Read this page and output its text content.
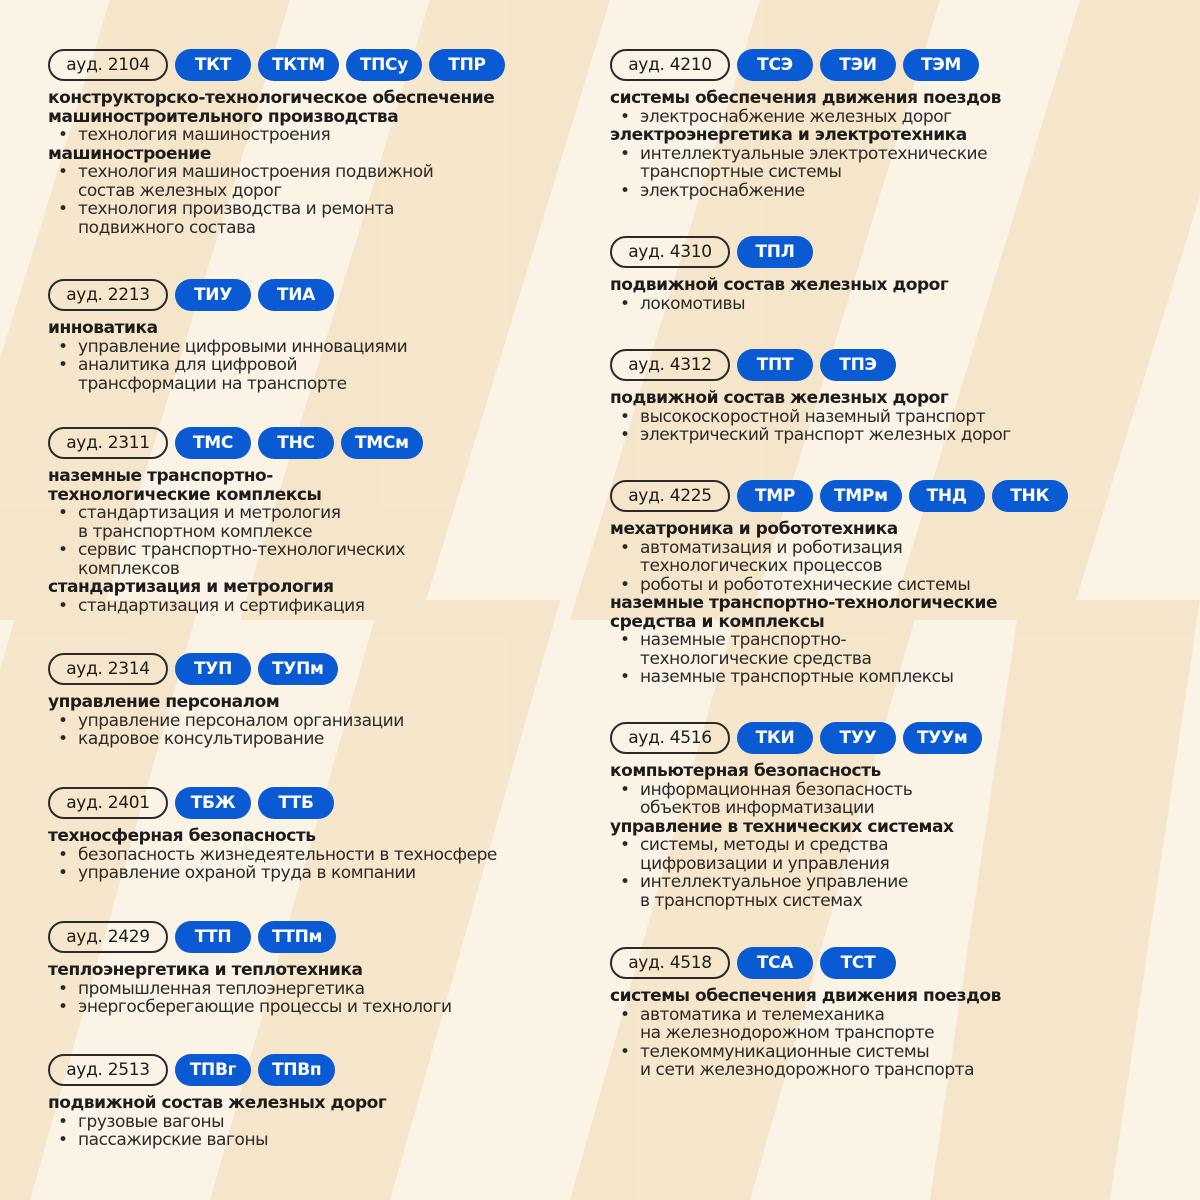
ауд. 2104	ТКТ	ТКТМ	ТПСу	ТПР
конструкторско-технологическое обеспечение
машиностроительного производства
• технология машиностроения
машиностроение
• технология машиностроения подвижной
состав железных дорог
• технология производства и ремонта
подвижного состава
ауд. 2213	ТИУ	ТИА
инноватика
• управление цифровыми инновациями
• аналитика для цифровой
трансформации на транспорте
ауд. 2311	ТМС	ТНС	ТМСм
наземные транспортно-
технологические комплексы
• стандартизация и метрология
в транспортном комплексе
• сервис транспортно-технологических
комплексов
стандартизация и метрология
• стандартизация и сертификация
ауд. 2314	ТУП	ТУПм
управление персоналом
• управление персоналом организации
• кадровое консультирование
ауд. 2401	ТБЖ	ТТБ
техносферная безопасность
• безопасность жизнедеятельности в техносфере
• управление охраной труда в компании
ауд. 2429	ТТП	ТТПм
теплоэнергетика и теплотехника
• промышленная теплоэнергетика
• энергосберегающие процессы и технологи
ауд. 2513	ТПВг	ТПВп
подвижной состав железных дорог
• грузовые вагоны
• пассажирские вагоны
ауд. 4210	ТСЭ	ТЭИ	ТЭМ
системы обеспечения движения поездов
• электроснабжение железных дорог
электроэнергетика и электротехника
• интеллектуальные электротехнические
транспортные системы
• электроснабжение
ауд. 4310	ТПЛ
подвижной состав железных дорог
• локомотивы
ауд. 4312	ТПТ	ТПЭ
подвижной состав железных дорог
• высокоскоростной наземный транспорт
• электрический транспорт железных дорог
ауд. 4225	ТМР	ТМРм	ТНД	ТНК
мехатроника и робототехника
• автоматизация и роботизация
технологических процессов
• роботы и робототехнические системы
наземные транспортно-технологические
средства и комплексы
• наземные транспортно-
технологические средства
• наземные транспортные комплексы
ауд. 4516	ТКИ	ТУУ	ТУУм
компьютерная безопасность
• информационная безопасность
объектов информатизации
управление в технических системах
• системы, методы и средства
цифровизации и управления
• интеллектуальное управление
в транспортных системах
ауд. 4518	ТСА	ТСТ
системы обеспечения движения поездов
• автоматика и телемеханика
на железнодорожном транспорте
• телекоммуникационные системы
и сети железнодорожного транспорта
